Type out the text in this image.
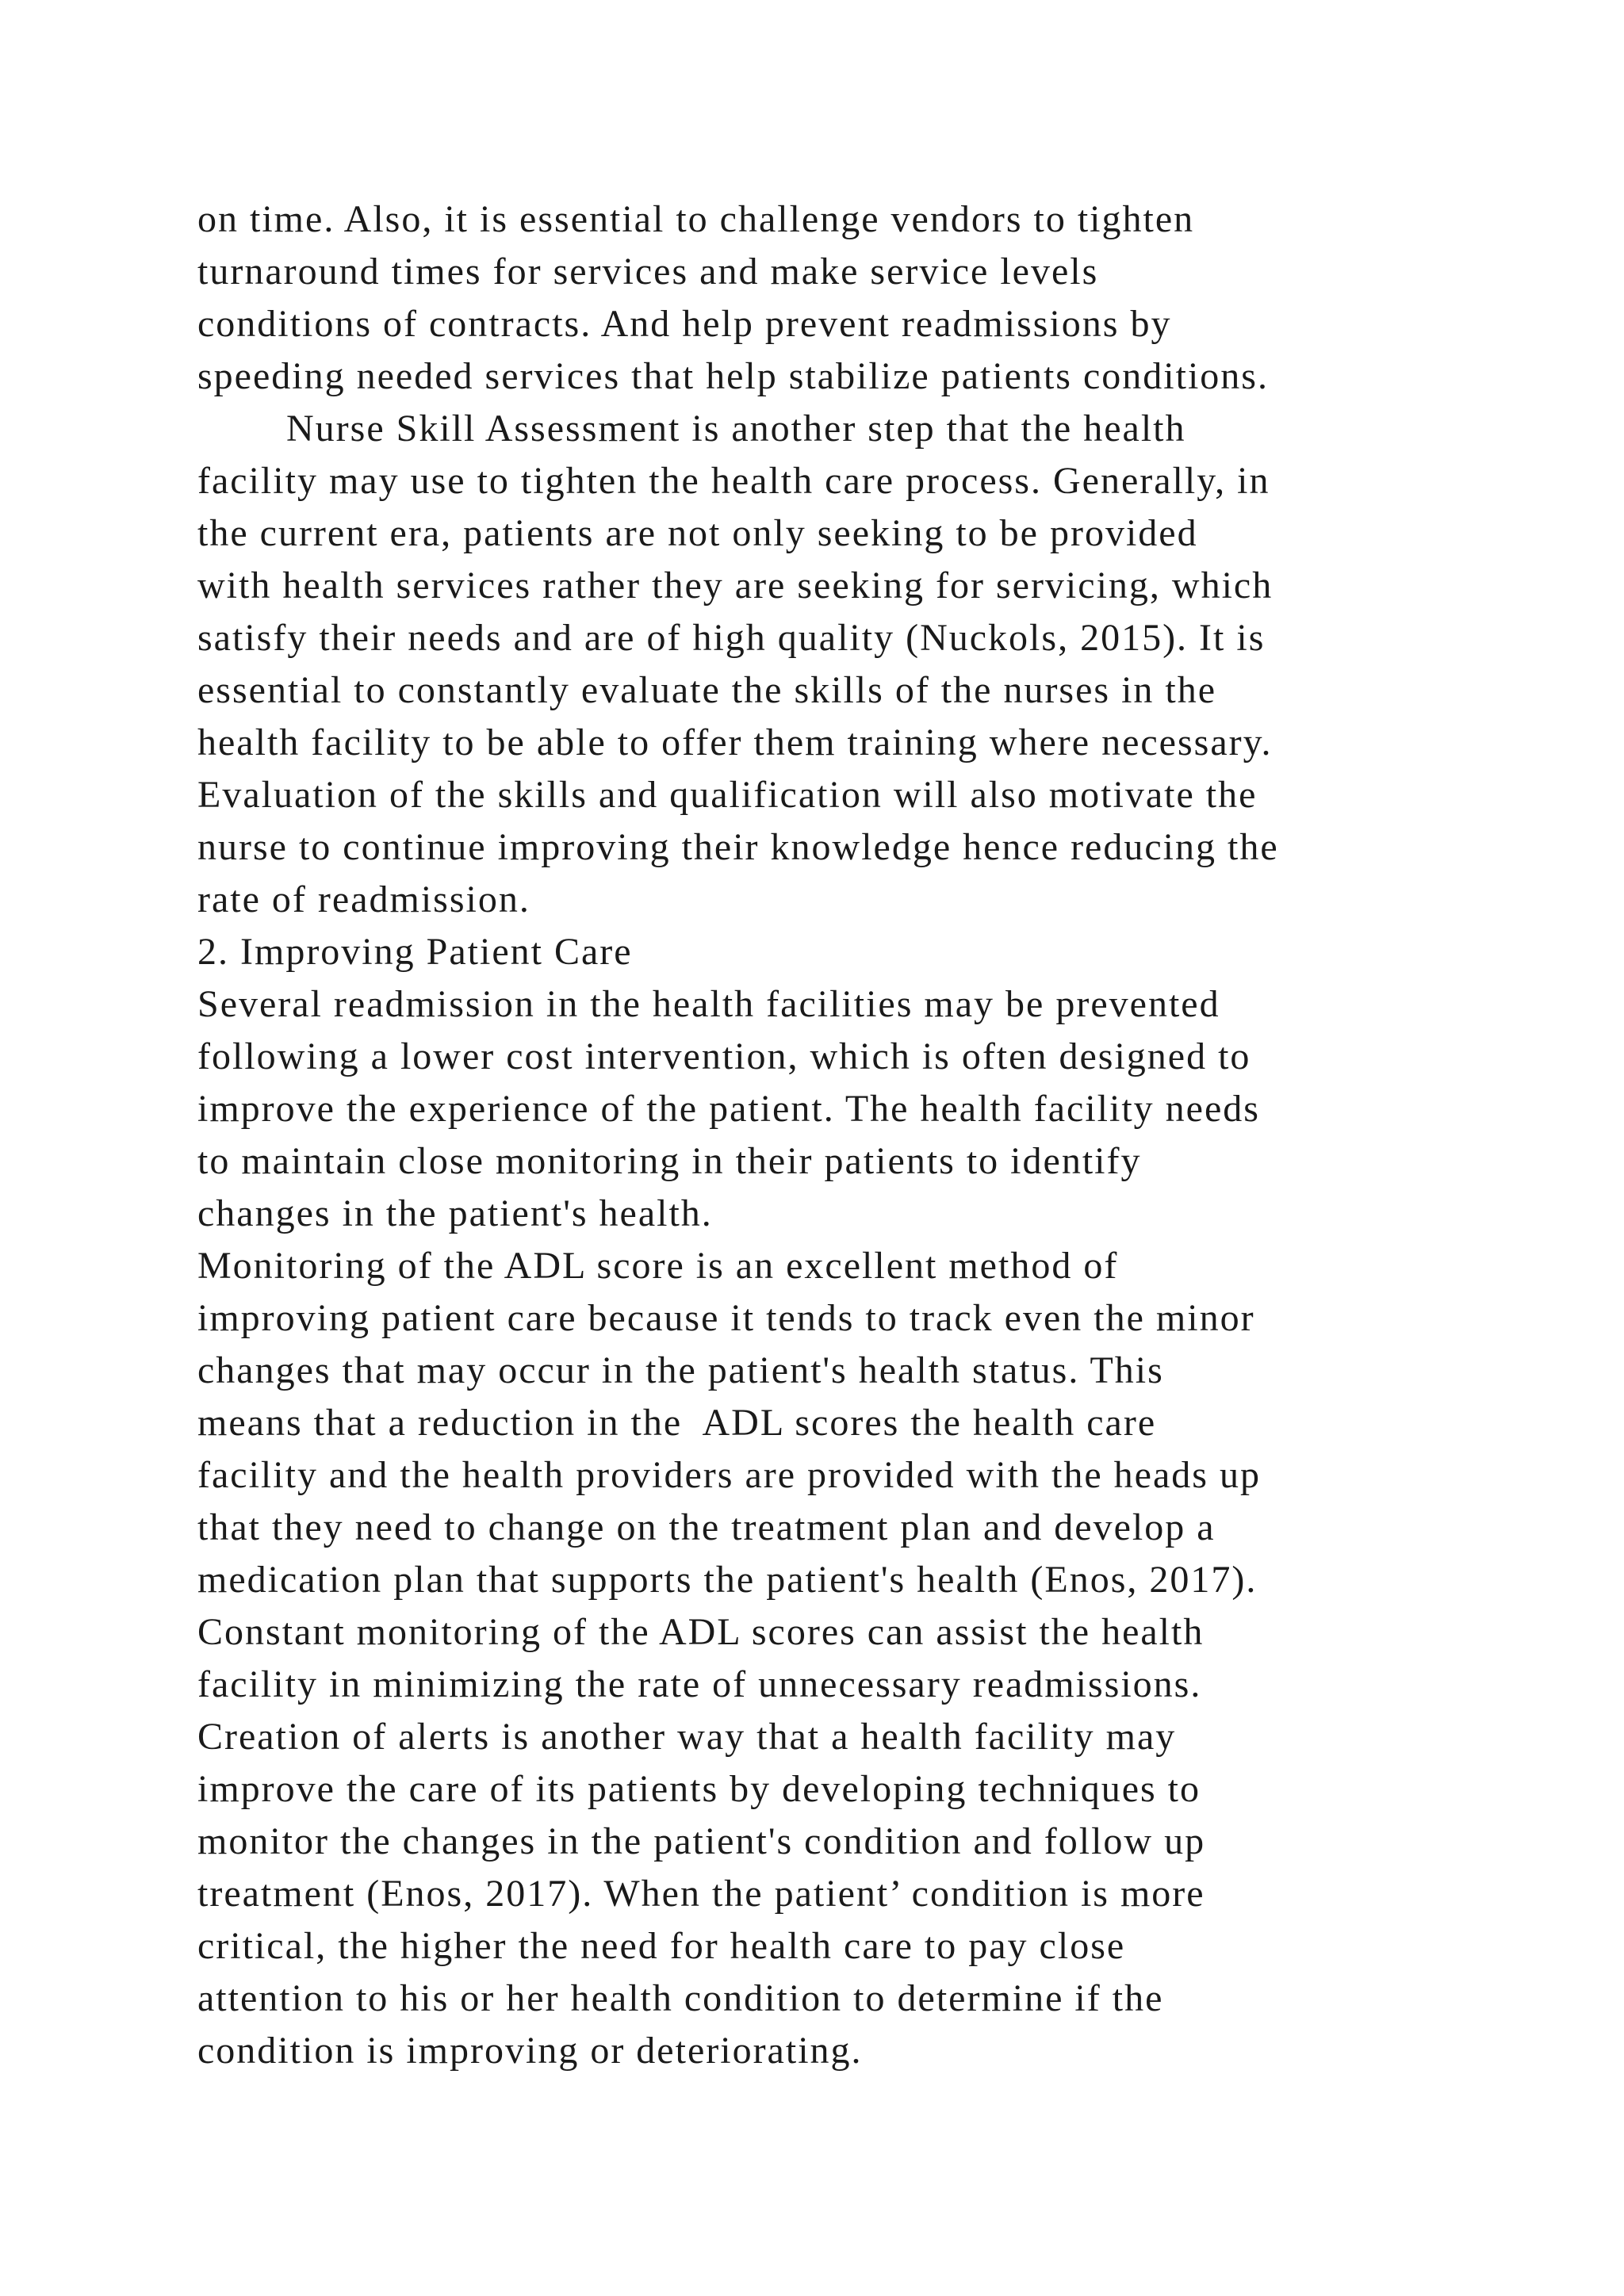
on time. Also, it is essential to challenge vendors to tighten
turnaround times for services and make service levels
conditions of contracts. And help prevent readmissions by
speeding needed services that help stabilize patients conditions.
Nurse Skill Assessment is another step that the health
facility may use to tighten the health care process. Generally, in
the current era, patients are not only seeking to be provided
with health services rather they are seeking for servicing, which
satisfy their needs and are of high quality (Nuckols, 2015). It is
essential to constantly evaluate the skills of the nurses in the
health facility to be able to offer them training where necessary.
Evaluation of the skills and qualification will also motivate the
nurse to continue improving their knowledge hence reducing the
rate of readmission.
2. Improving Patient Care
Several readmission in the health facilities may be prevented
following a lower cost intervention, which is often designed to
improve the experience of the patient. The health facility needs
to maintain close monitoring in their patients to identify
changes in the patient's health.
Monitoring of the ADL score is an excellent method of
improving patient care because it tends to track even the minor
changes that may occur in the patient's health status. This
means that a reduction in the  ADL scores the health care
facility and the health providers are provided with the heads up
that they need to change on the treatment plan and develop a
medication plan that supports the patient's health (Enos, 2017).
Constant monitoring of the ADL scores can assist the health
facility in minimizing the rate of unnecessary readmissions.
Creation of alerts is another way that a health facility may
improve the care of its patients by developing techniques to
monitor the changes in the patient's condition and follow up
treatment (Enos, 2017). When the patient’ condition is more
critical, the higher the need for health care to pay close
attention to his or her health condition to determine if the
condition is improving or deteriorating.
